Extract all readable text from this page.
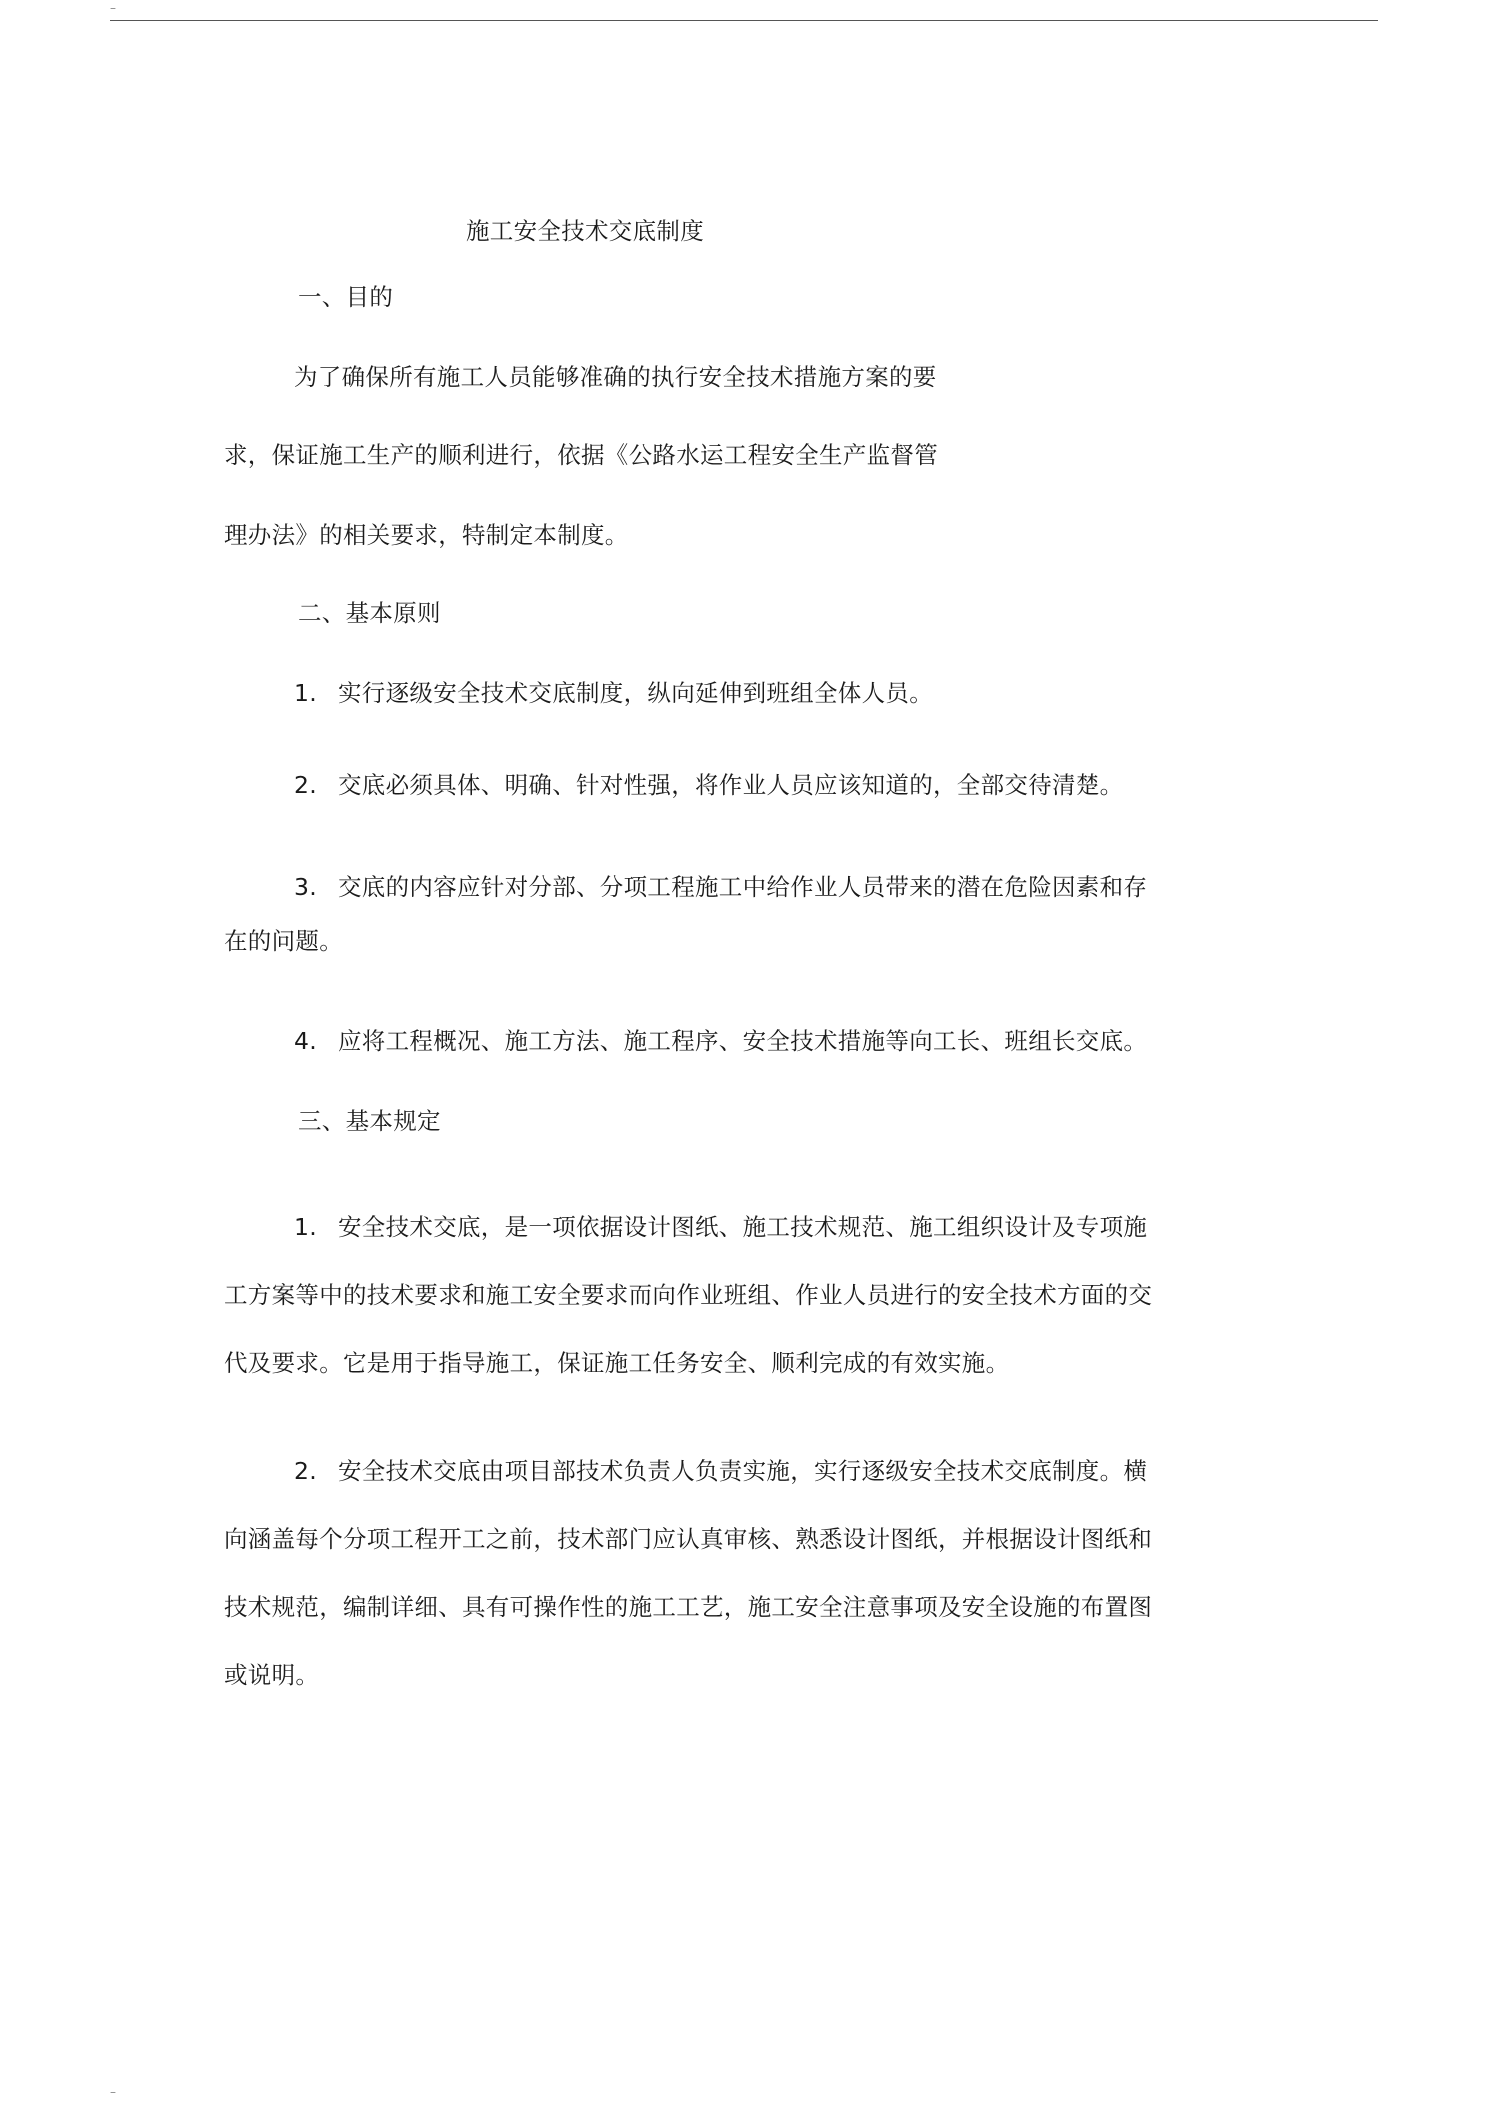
–
施工安全技术交底制度
一、目的
为了确保所有施工人员能够准确的执行安全技术措施方案的要
求，保证施工生产的顺利进行，依据《公路水运工程安全生产监督管
理办法》的相关要求，特制定本制度。
二、基本原则
1. 实行逐级安全技术交底制度，纵向延伸到班组全体人员。
2. 交底必须具体、明确、针对性强，将作业人员应该知道的，全部交待清楚。
3. 交底的内容应针对分部、分项工程施工中给作业人员带来的潜在危险因素和存
在的问题。
4. 应将工程概况、施工方法、施工程序、安全技术措施等向工长、班组长交底。
三、基本规定
1. 安全技术交底，是一项依据设计图纸、施工技术规范、施工组织设计及专项施
工方案等中的技术要求和施工安全要求而向作业班组、作业人员进行的安全技术方面的交
代及要求。它是用于指导施工，保证施工任务安全、顺利完成的有效实施。
2. 安全技术交底由项目部技术负责人负责实施，实行逐级安全技术交底制度。横
向涵盖每个分项工程开工之前，技术部门应认真审核、熟悉设计图纸，并根据设计图纸和
技术规范，编制详细、具有可操作性的施工工艺，施工安全注意事项及安全设施的布置图
或说明。
–
